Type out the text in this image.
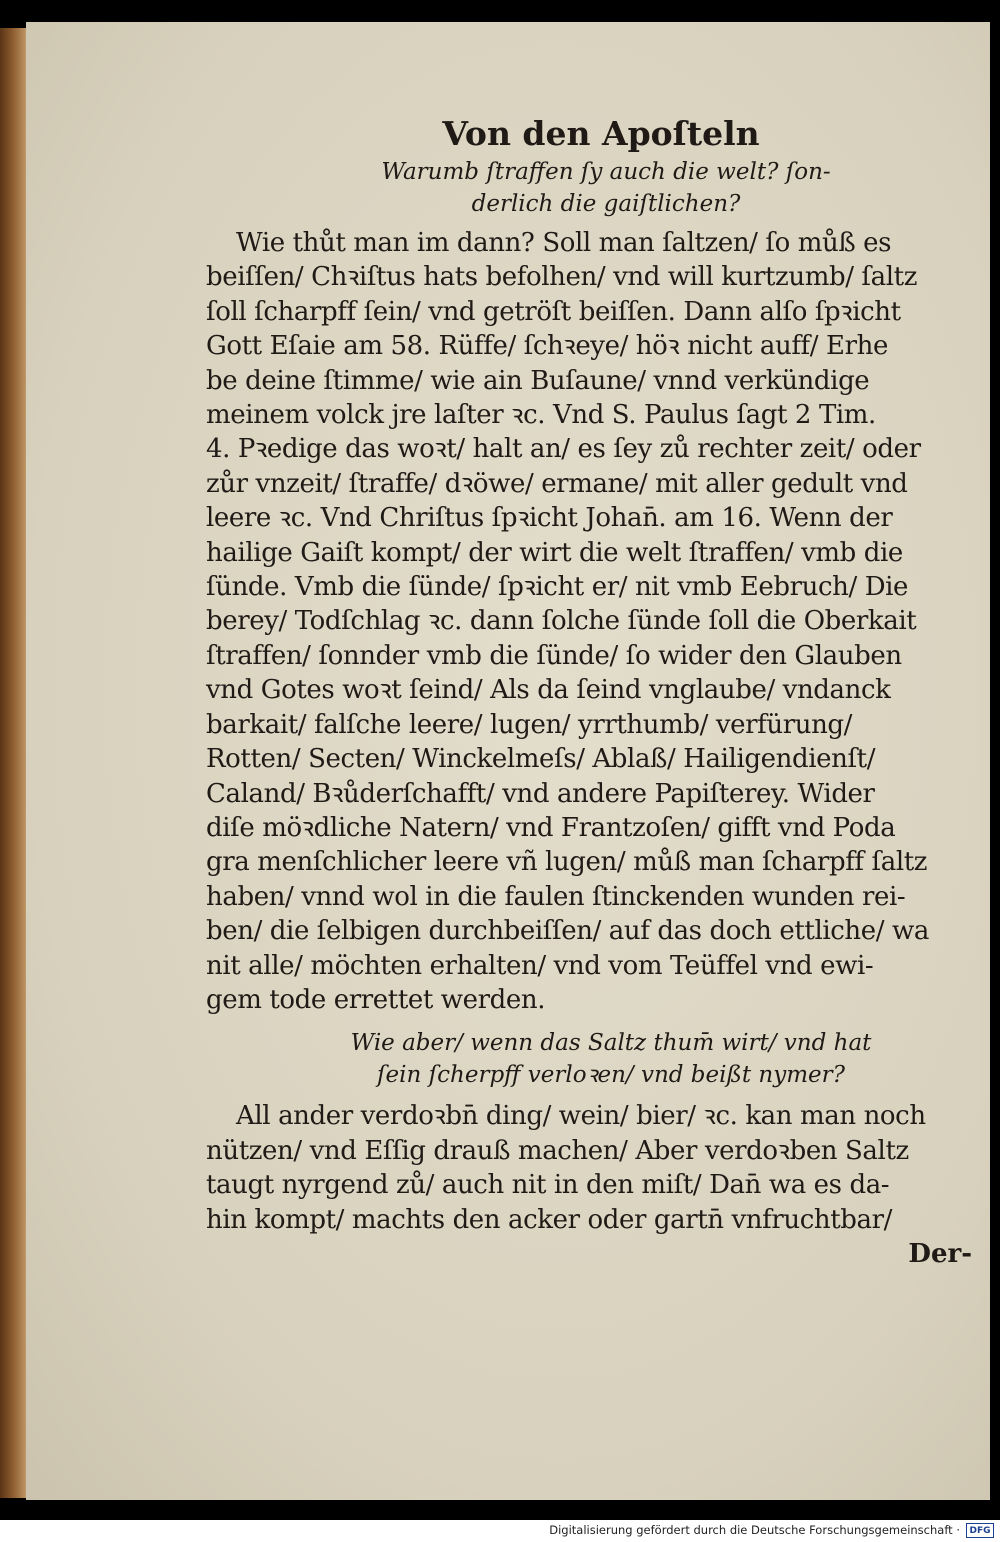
Von den Apoſteln
Warumb ſtraffen ſy auch die welt? ſon-
derlich die gaiſtlichen?
Wie thůt man im dann? Soll man ſaltzen/ ſo můß es
beiſſen/ Chꝛiſtus hats befolhen/ vnd will kurtzumb/ ſaltz
ſoll ſcharpff ſein/ vnd getröſt beiſſen. Dann alſo ſpꝛicht
Gott Eſaie am 58. Rüffe/ ſchꝛeye/ höꝛ nicht auff/ Erhe
be deine ſtimme/ wie ain Buſaune/ vnnd verkündige
meinem volck jre laſter ꝛc. Vnd S. Paulus ſagt 2 Tim.
4. Pꝛedige das woꝛt/ halt an/ es ſey zů rechter zeit/ oder
zůr vnzeit/ ſtraffe/ dꝛöwe/ ermane/ mit aller gedult vnd
leere ꝛc. Vnd Chriſtus ſpꝛicht Johan̄. am 16. Wenn der
hailige Gaiſt kompt/ der wirt die welt ſtraffen/ vmb die
ſünde. Vmb die ſünde/ ſpꝛicht er/ nit vmb Eebruch/ Die
berey/ Todſchlag ꝛc. dann ſolche ſünde ſoll die Oberkait
ſtraffen/ ſonnder vmb die ſünde/ ſo wider den Glauben
vnd Gotes woꝛt ſeind/ Als da ſeind vnglaube/ vndanck
barkait/ falſche leere/ lugen/ yrrthumb/ verfürung/
Rotten/ Secten/ Winckelmeſs/ Ablaß/ Hailigendienſt/
Caland/ Bꝛůderſchafft/ vnd andere Papiſterey. Wider
diſe möꝛdliche Natern/ vnd Frantzoſen/ gifft vnd Poda
gra menſchlicher leere vñ lugen/ můß man ſcharpff ſaltz
haben/ vnnd wol in die faulen ſtinckenden wunden rei-
ben/ die ſelbigen durchbeiſſen/ auf das doch ettliche/ wa
nit alle/ möchten erhalten/ vnd vom Teüffel vnd ewi-
gem tode errettet werden.
Wie aber/ wenn das Saltz thum̄ wirt/ vnd hat
ſein ſcherpff verloꝛen/ vnd beißt nymer?
All ander verdoꝛbn̄ ding/ wein/ bier/ ꝛc. kan man noch
nützen/ vnd Eſſig drauß machen/ Aber verdoꝛben Saltz
taugt nyrgend zů/ auch nit in den miſt/ Dan̄ wa es da-
hin kompt/ machts den acker oder gartn̄ vnfruchtbar/
Der-
Digitalisierung gefördert durch die Deutsche Forschungsgemeinschaft ·	DFG
